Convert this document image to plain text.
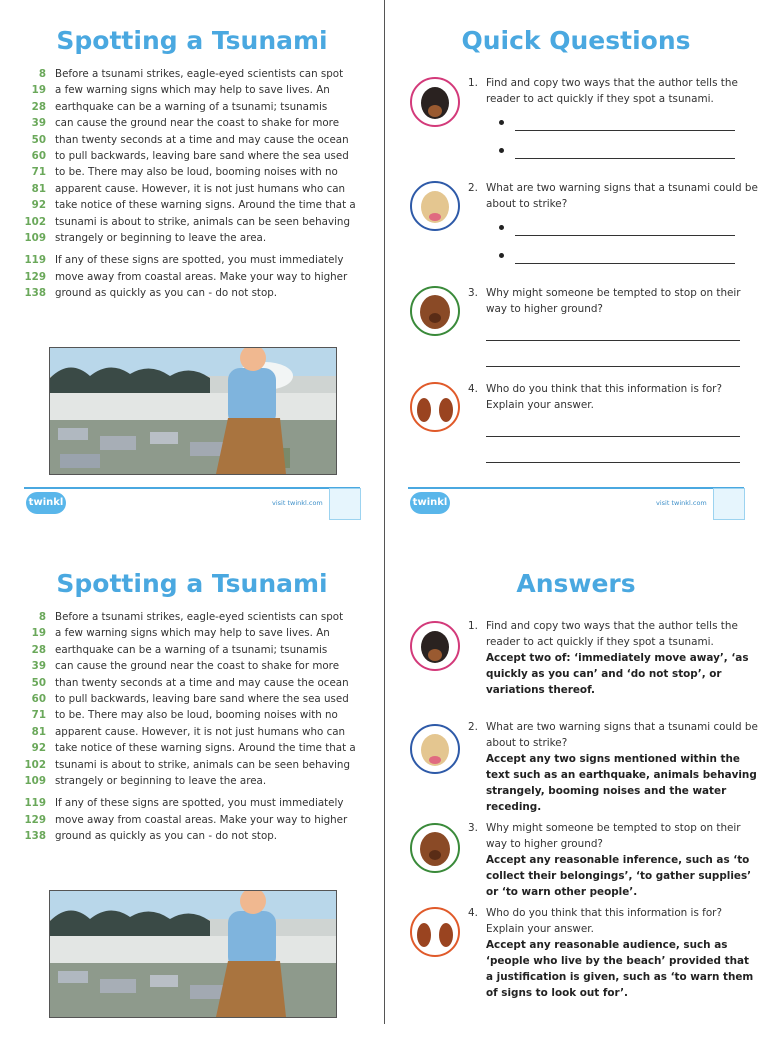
Spotting a Tsunami
8 Before a tsunami strikes, eagle-eyed scientists can spot
19 a few warning signs which may help to save lives. An
28 earthquake can be a warning of a tsunami; tsunamis
39 can cause the ground near the coast to shake for more
50 than twenty seconds at a time and may cause the ocean
60 to pull backwards, leaving bare sand where the sea used
71 to be. There may also be loud, booming noises with no
81 apparent cause. However, it is not just humans who can
92 take notice of these warning signs. Around the time that a
102 tsunami is about to strike, animals can be seen behaving
109 strangely or beginning to leave the area.
119 If any of these signs are spotted, you must immediately
129 move away from coastal areas. Make your way to higher
138 ground as quickly as you can - do not stop.
twinkl	visit twinkl.com
Quick Questions
1. Find and copy two ways that the author tells the reader to act quickly if they spot a tsunami.
2. What are two warning signs that a tsunami could be about to strike?
3. Why might someone be tempted to stop on their way to higher ground?
4. Who do you think that this information is for? Explain your answer.
twinkl	visit twinkl.com
Spotting a Tsunami
8 Before a tsunami strikes, eagle-eyed scientists can spot
19 a few warning signs which may help to save lives. An
28 earthquake can be a warning of a tsunami; tsunamis
39 can cause the ground near the coast to shake for more
50 than twenty seconds at a time and may cause the ocean
60 to pull backwards, leaving bare sand where the sea used
71 to be. There may also be loud, booming noises with no
81 apparent cause. However, it is not just humans who can
92 take notice of these warning signs. Around the time that a
102 tsunami is about to strike, animals can be seen behaving
109 strangely or beginning to leave the area.
119 If any of these signs are spotted, you must immediately
129 move away from coastal areas. Make your way to higher
138 ground as quickly as you can - do not stop.
Answers
1. Find and copy two ways that the author tells the reader to act quickly if they spot a tsunami.
Accept two of: ‘immediately move away’, ‘as quickly as you can’ and ‘do not stop’, or variations thereof.
2. What are two warning signs that a tsunami could be about to strike?
Accept any two signs mentioned within the text such as an earthquake, animals behaving strangely, booming noises and the water receding.
3. Why might someone be tempted to stop on their way to higher ground?
Accept any reasonable inference, such as ‘to collect their belongings’, ‘to gather supplies’ or ‘to warn other people’.
4. Who do you think that this information is for? Explain your answer.
Accept any reasonable audience, such as ‘people who live by the beach’ provided that a justification is given, such as ‘to warn them of signs to look out for’.
